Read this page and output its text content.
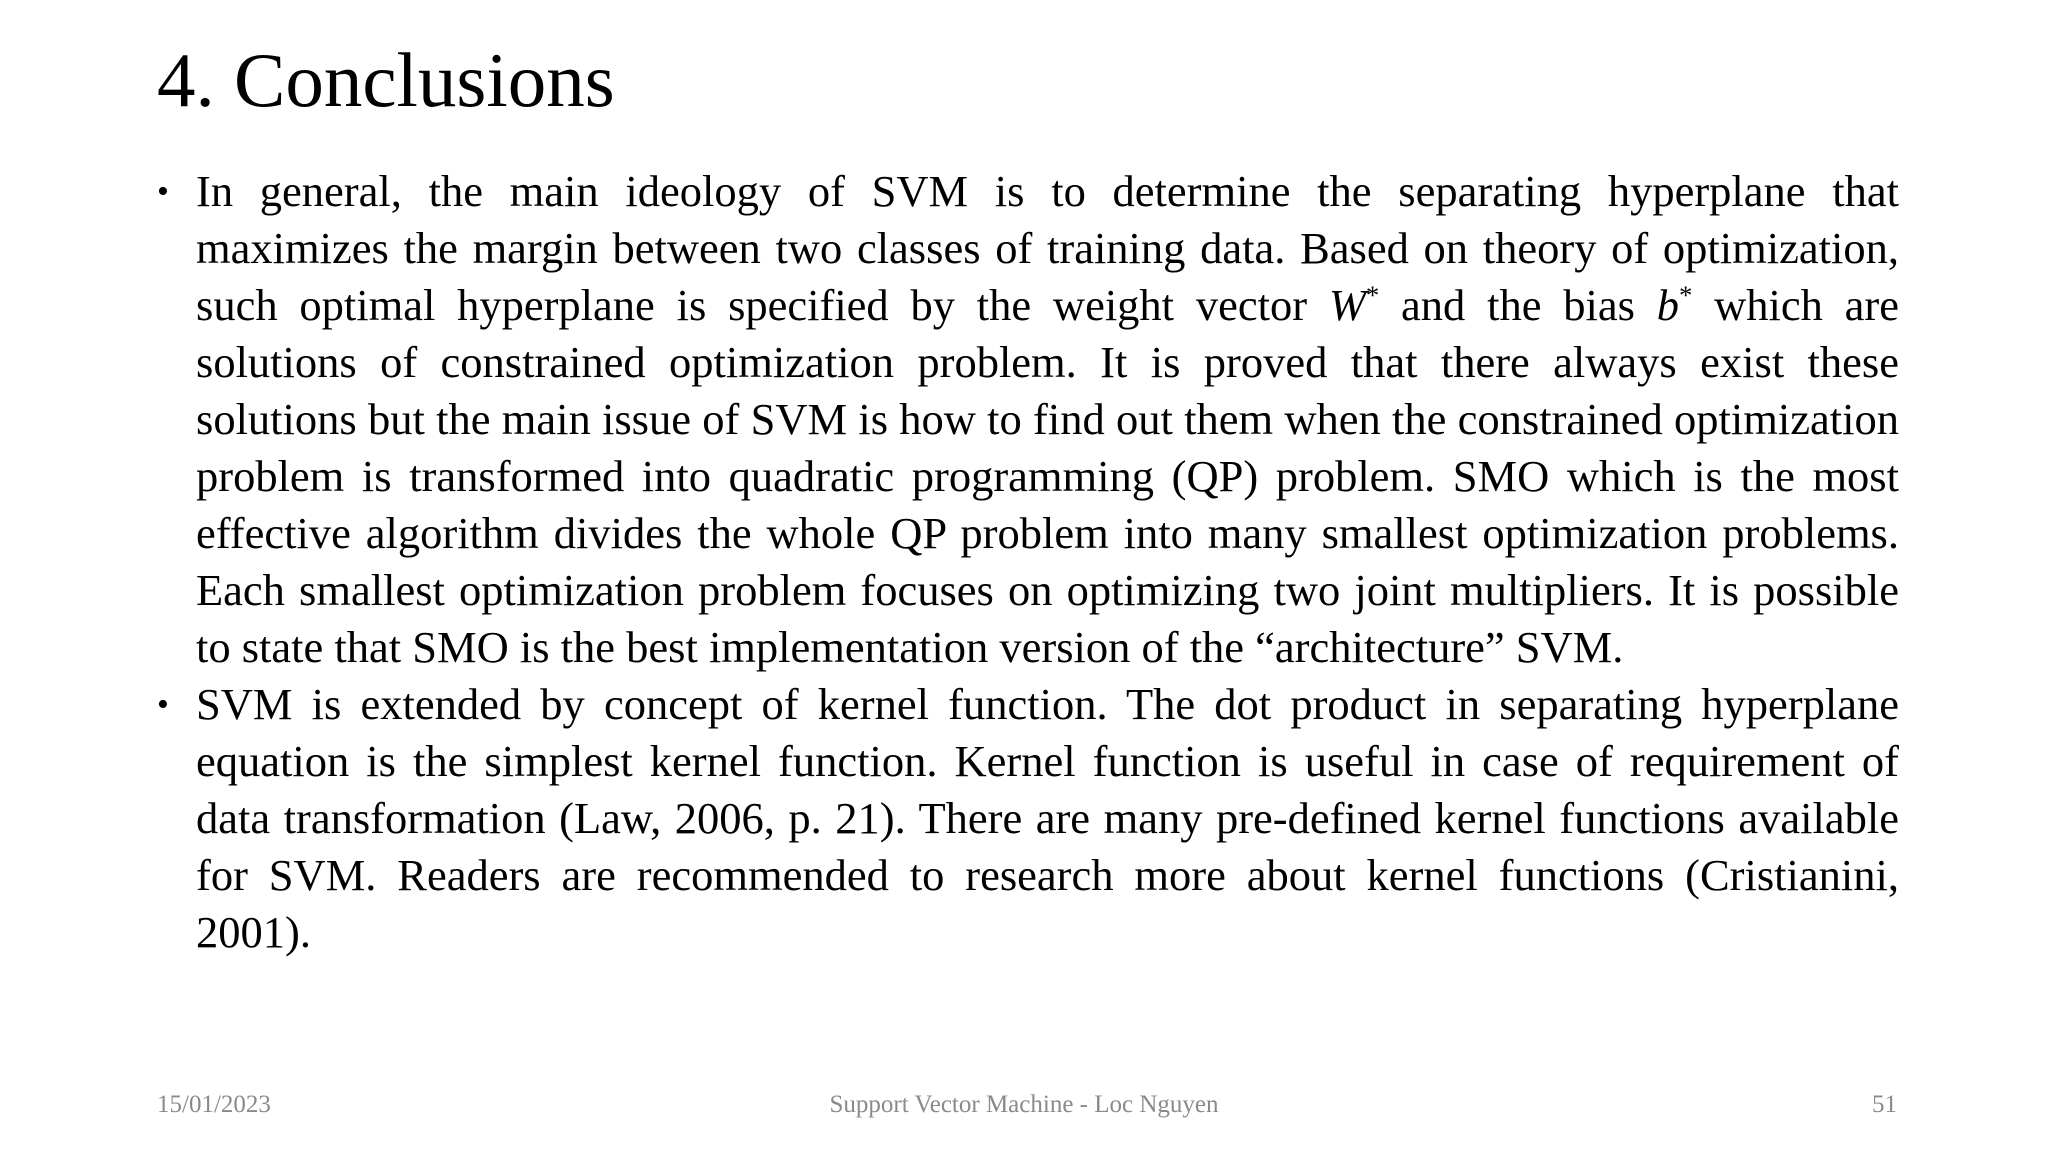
4. Conclusions
• In general, the main ideology of SVM is to determine the separating hyperplane that maximizes the margin between two classes of training data. Based on theory of optimization, such optimal hyperplane is specified by the weight vector W* and the bias b* which are solutions of constrained optimization problem. It is proved that there always exist these solutions but the main issue of SVM is how to find out them when the constrained optimization problem is transformed into quadratic programming (QP) problem. SMO which is the most effective algorithm divides the whole QP problem into many smallest optimization problems. Each smallest optimization problem focuses on optimizing two joint multipliers. It is possible to state that SMO is the best implementation version of the “architecture” SVM.
• SVM is extended by concept of kernel function. The dot product in separating hyperplane equation is the simplest kernel function. Kernel function is useful in case of requirement of data transformation (Law, 2006, p. 21). There are many pre-defined kernel functions available for SVM. Readers are recommended to research more about kernel functions (Cristianini, 2001).
15/01/2023	Support Vector Machine - Loc Nguyen	51
